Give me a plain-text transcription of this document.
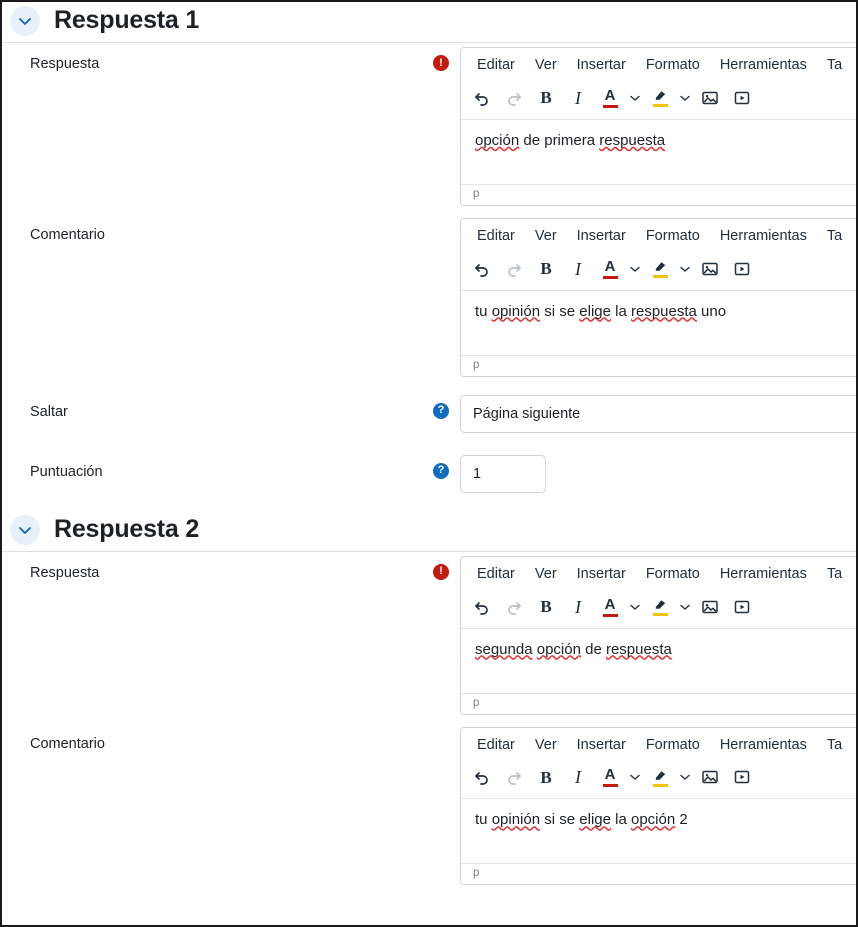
Respuesta 1
Respuesta	!	Editar	Ver	Insertar	Formato	Herramientas	Ta
B	I	A
opción de primera respuesta
p
Comentario	Editar	Ver	Insertar	Formato	Herramientas	Ta
B	I	A
tu opinión si se elige la respuesta uno
p
Saltar	?	Página siguiente
Puntuación	?	1
Respuesta 2
Respuesta	!	Editar	Ver	Insertar	Formato	Herramientas	Ta
B	I	A
segunda opción de respuesta
p
Comentario	Editar	Ver	Insertar	Formato	Herramientas	Ta
B	I	A
tu opinión si se elige la opción 2
p
